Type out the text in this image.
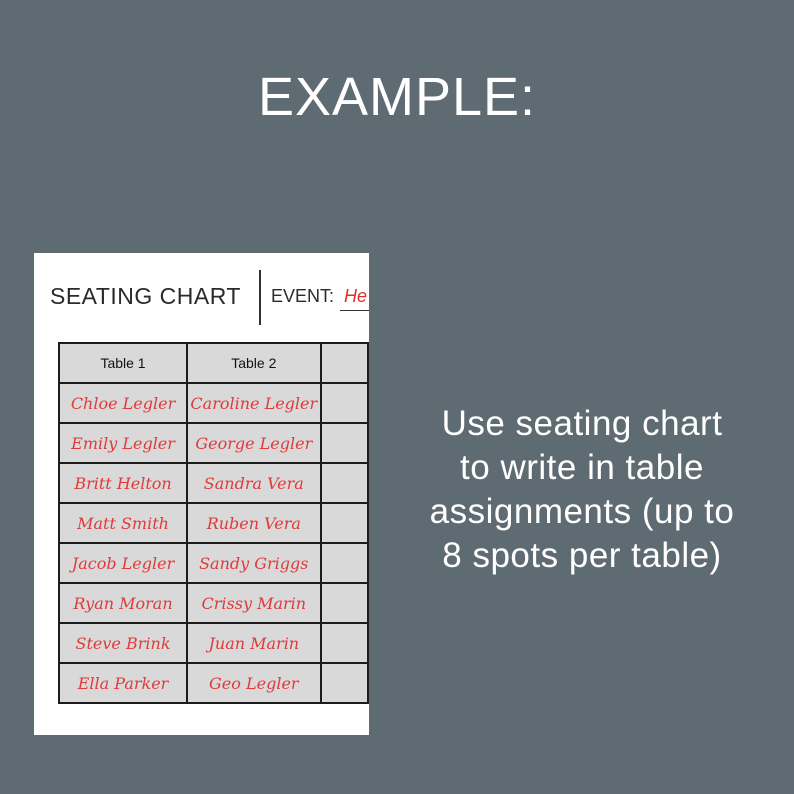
EXAMPLE:
SEATING CHART EVENT: He
Table 1	Table 2	
Chloe Legler	Caroline Legler	
Emily Legler	George Legler	
Britt Helton	Sandra Vera	
Matt Smith	Ruben Vera	
Jacob Legler	Sandy Griggs	
Ryan Moran	Crissy Marin	
Steve Brink	Juan Marin	
Ella Parker	Geo Legler	
Use seating chart
to write in table
assignments (up to
8 spots per table)
